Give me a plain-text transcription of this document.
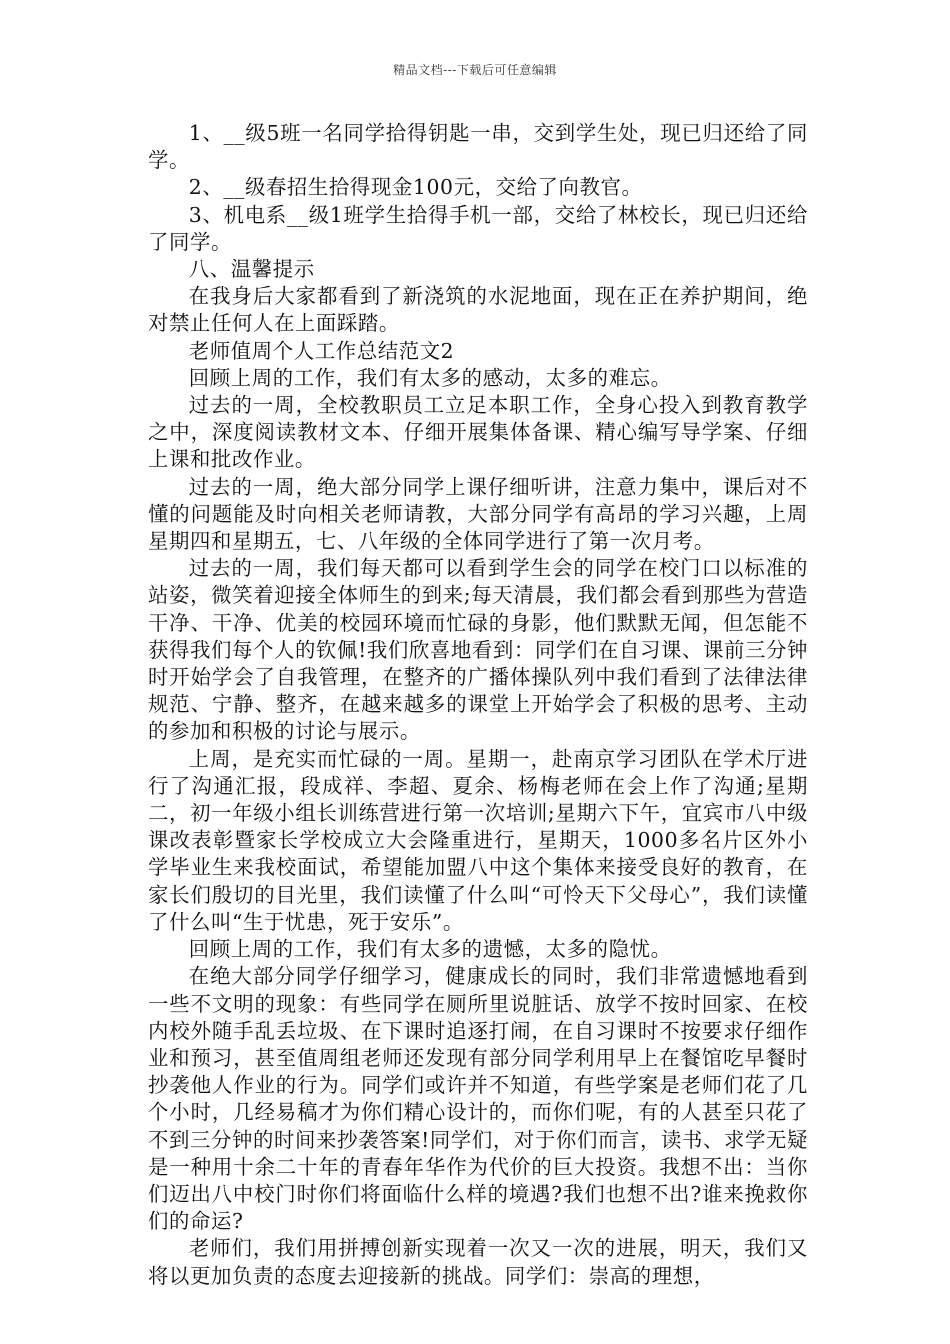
精品文档---下载后可任意编辑

1、__级5班一名同学拾得钥匙一串，交到学生处，现已归还给了同学。

2、__级春招生拾得现金100元，交给了向教官。

3、机电系__级1班学生拾得手机一部，交给了林校长，现已归还给了同学。

八、温馨提示

在我身后大家都看到了新浇筑的水泥地面，现在正在养护期间，绝对禁止任何人在上面踩踏。

老师值周个人工作总结范文2

回顾上周的工作，我们有太多的感动，太多的难忘。

过去的一周，全校教职员工立足本职工作，全身心投入到教育教学之中，深度阅读教材文本、仔细开展集体备课、精心编写导学案、仔细上课和批改作业。

过去的一周，绝大部分同学上课仔细听讲，注意力集中，课后对不懂的问题能及时向相关老师请教，大部分同学有高昂的学习兴趣，上周星期四和星期五，七、八年级的全体同学进行了第一次月考。

过去的一周，我们每天都可以看到学生会的同学在校门口以标准的站姿，微笑着迎接全体师生的到来;每天清晨，我们都会看到那些为营造干净、干净、优美的校园环境而忙碌的身影，他们默默无闻，但怎能不获得我们每个人的钦佩!我们欣喜地看到：同学们在自习课、课前三分钟时开始学会了自我管理，在整齐的广播体操队列中我们看到了法律法律规范、宁静、整齐，在越来越多的课堂上开始学会了积极的思考、主动的参加和积极的讨论与展示。

上周，是充实而忙碌的一周。星期一，赴南京学习团队在学术厅进行了沟通汇报，段成祥、李超、夏余、杨梅老师在会上作了沟通;星期二，初一年级小组长训练营进行第一次培训;星期六下午，宜宾市八中级课改表彰暨家长学校成立大会隆重进行，星期天，1000多名片区外小学毕业生来我校面试，希望能加盟八中这个集体来接受良好的教育，在家长们殷切的目光里，我们读懂了什么叫“可怜天下父母心”，我们读懂了什么叫“生于忧患，死于安乐”。

回顾上周的工作，我们有太多的遗憾，太多的隐忧。

在绝大部分同学仔细学习，健康成长的同时，我们非常遗憾地看到一些不文明的现象：有些同学在厕所里说脏话、放学不按时回家、在校内校外随手乱丢垃圾、在下课时追逐打闹，在自习课时不按要求仔细作业和预习，甚至值周组老师还发现有部分同学利用早上在餐馆吃早餐时抄袭他人作业的行为。同学们或许并不知道，有些学案是老师们花了几个小时，几经易稿才为你们精心设计的，而你们呢，有的人甚至只花了不到三分钟的时间来抄袭答案!同学们，对于你们而言，读书、求学无疑是一种用十余二十年的青春年华作为代价的巨大投资。我想不出：当你们迈出八中校门时你们将面临什么样的境遇?我们也想不出?谁来挽救你们的命运?

老师们，我们用拼搏创新实现着一次又一次的进展，明天，我们又将以更加负责的态度去迎接新的挑战。同学们：崇高的理想，
